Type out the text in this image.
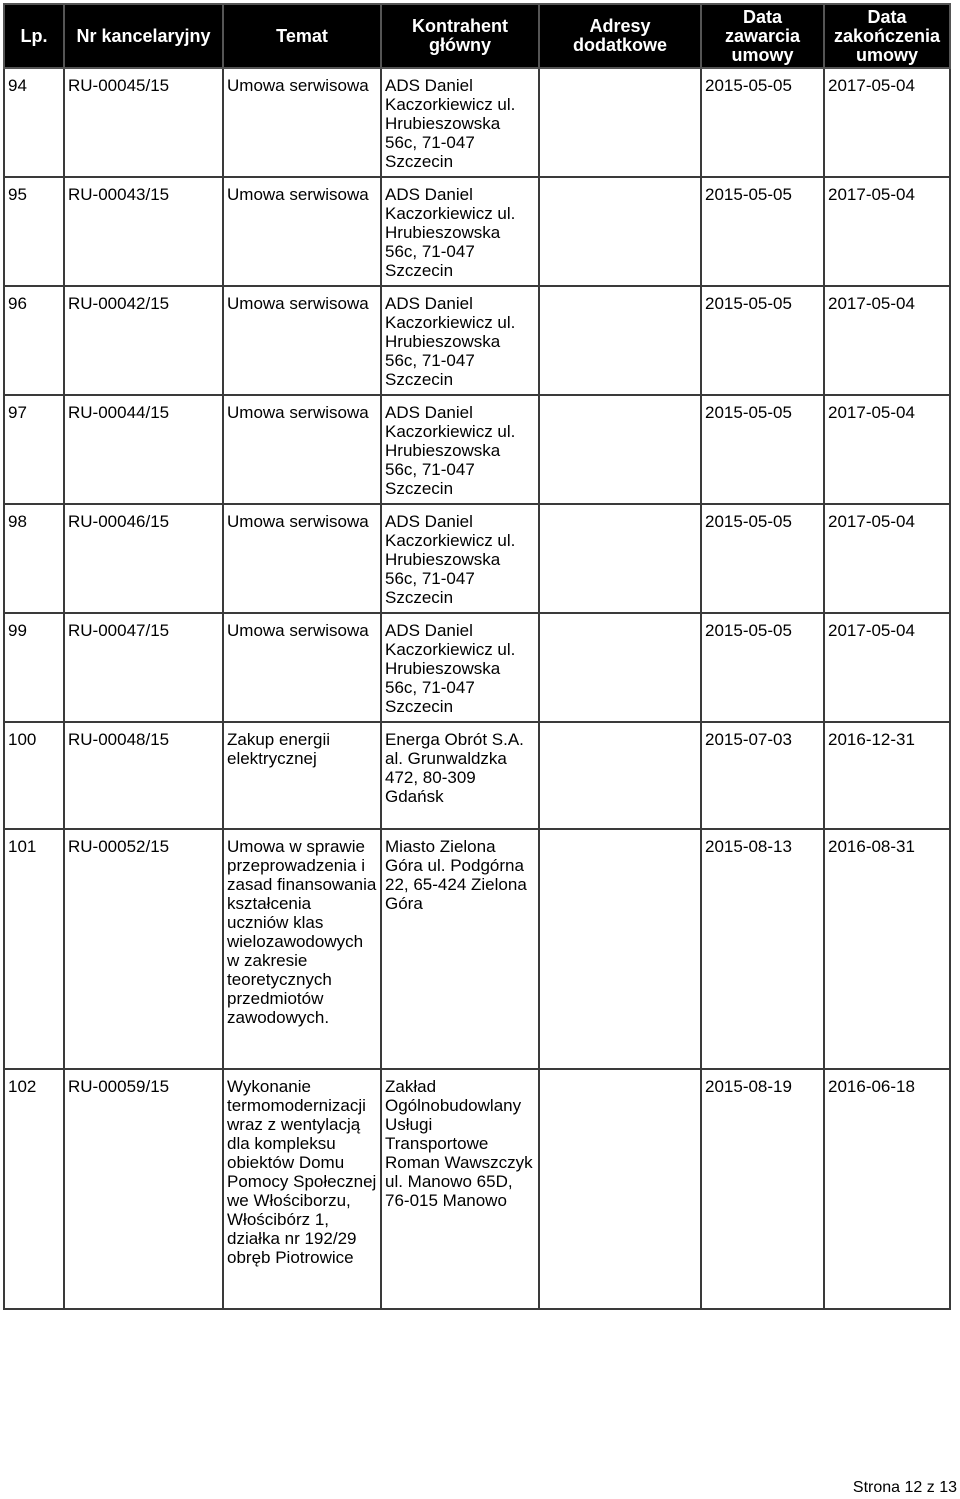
Lp.	Nr kancelaryjny	Temat	Kontrahent główny	Adresy dodatkowe	Data zawarcia umowy	Data zakończenia umowy
94	RU-00045/15	Umowa serwisowa	ADS Daniel Kaczorkiewicz ul. Hrubieszowska 56c, 71-047 Szczecin		2015-05-05	2017-05-04
95	RU-00043/15	Umowa serwisowa	ADS Daniel Kaczorkiewicz ul. Hrubieszowska 56c, 71-047 Szczecin		2015-05-05	2017-05-04
96	RU-00042/15	Umowa serwisowa	ADS Daniel Kaczorkiewicz ul. Hrubieszowska 56c, 71-047 Szczecin		2015-05-05	2017-05-04
97	RU-00044/15	Umowa serwisowa	ADS Daniel Kaczorkiewicz ul. Hrubieszowska 56c, 71-047 Szczecin		2015-05-05	2017-05-04
98	RU-00046/15	Umowa serwisowa	ADS Daniel Kaczorkiewicz ul. Hrubieszowska 56c, 71-047 Szczecin		2015-05-05	2017-05-04
99	RU-00047/15	Umowa serwisowa	ADS Daniel Kaczorkiewicz ul. Hrubieszowska 56c, 71-047 Szczecin		2015-05-05	2017-05-04
100	RU-00048/15	Zakup energii elektrycznej	Energa Obrót S.A. al. Grunwaldzka 472, 80-309 Gdańsk		2015-07-03	2016-12-31
101	RU-00052/15	Umowa w sprawie przeprowadzenia i zasad finansowania kształcenia uczniów klas wielozawodowych w zakresie teoretycznych przedmiotów zawodowych.	Miasto Zielona Góra ul. Podgórna 22, 65-424 Zielona Góra		2015-08-13	2016-08-31
102	RU-00059/15	Wykonanie termomodernizacji wraz z wentylacją dla kompleksu obiektów Domu Pomocy Społecznej we Włościborzu, Włościbórz 1, działka nr 192/29 obręb Piotrowice	Zakład Ogólnobudowlany Usługi Transportowe Roman Wawszczyk ul. Manowo 65D, 76-015 Manowo		2015-08-19	2016-06-18
Strona 12 z 13
